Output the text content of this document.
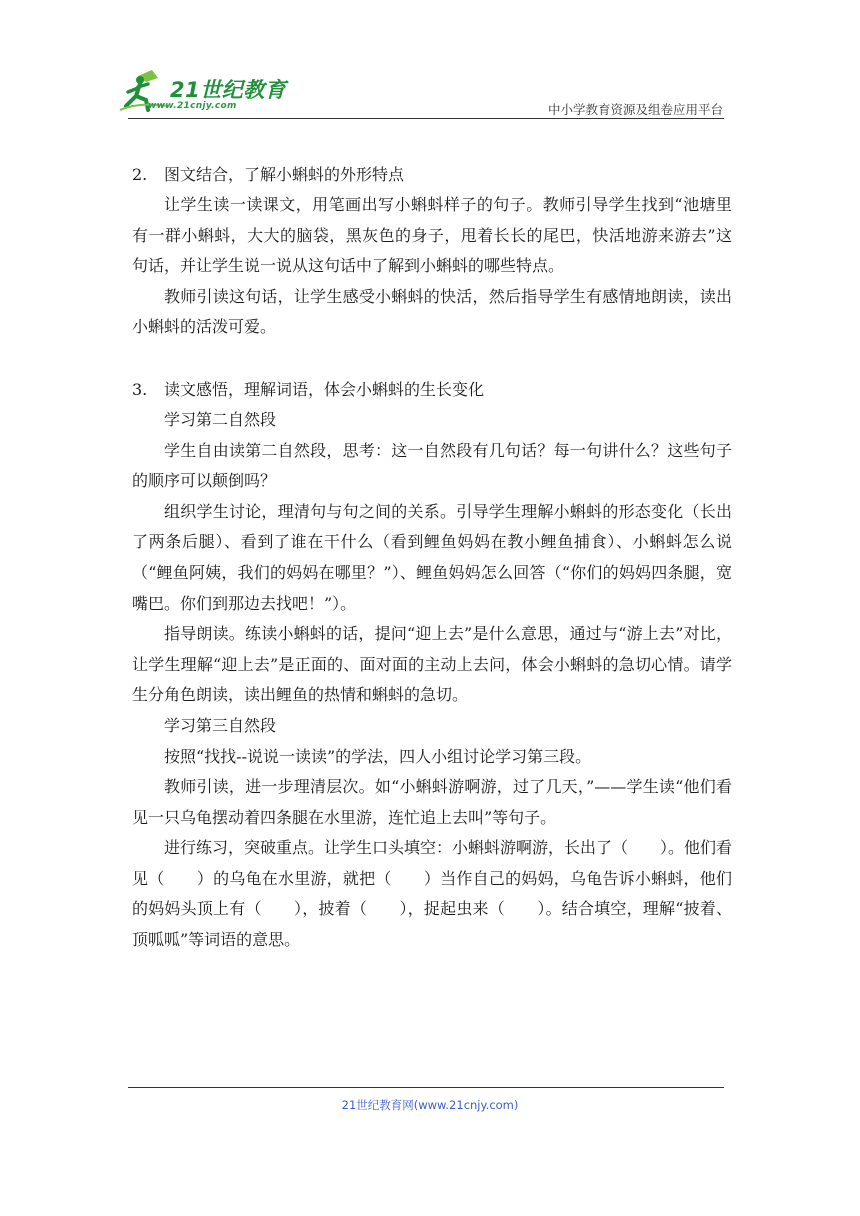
21世纪教育
www.21cnjy.com	中小学教育资源及组卷应用平台
2. 图文结合，了解小蝌蚪的外形特点

让学生读一读课文，用笔画出写小蝌蚪样子的句子。教师引导学生找到“池塘里有一群小蝌蚪，大大的脑袋，黑灰色的身子，甩着长长的尾巴，快活地游来游去”这句话，并让学生说一说从这句话中了解到小蝌蚪的哪些特点。

教师引读这句话，让学生感受小蝌蚪的快活，然后指导学生有感情地朗读，读出小蝌蚪的活泼可爱。

3. 读文感悟，理解词语，体会小蝌蚪的生长变化
学习第二自然段

学生自由读第二自然段，思考：这一自然段有几句话？每一句讲什么？这些句子的顺序可以颠倒吗？

组织学生讨论，理清句与句之间的关系。引导学生理解小蝌蚪的形态变化（长出了两条后腿）、看到了谁在干什么（看到鲤鱼妈妈在教小鲤鱼捕食）、小蝌蚪怎么说（“鲤鱼阿姨，我们的妈妈在哪里？”）、鲤鱼妈妈怎么回答（“你们的妈妈四条腿，宽嘴巴。你们到那边去找吧！”）。

指导朗读。练读小蝌蚪的话，提问“迎上去”是什么意思，通过与“游上去”对比，让学生理解“迎上去”是正面的、面对面的主动上去问，体会小蝌蚪的急切心情。请学生分角色朗读，读出鲤鱼的热情和蝌蚪的急切。

学习第三自然段

按照“找找--说说一读读”的学法，四人小组讨论学习第三段。

教师引读，进一步理清层次。如“小蝌蚪游啊游，过了几天，”——学生读“他们看见一只乌龟摆动着四条腿在水里游，连忙追上去叫”等句子。

进行练习，突破重点。让学生口头填空：小蝌蚪游啊游，长出了（　　）。他们看见（　　）的乌龟在水里游，就把（　　）当作自己的妈妈，乌龟告诉小蝌蚪，他们的妈妈头顶上有（　　），披着（　　），捉起虫来（　　）。结合填空，理解“披着、顶呱呱”等词语的意思。

21世纪教育网(www.21cnjy.com)
